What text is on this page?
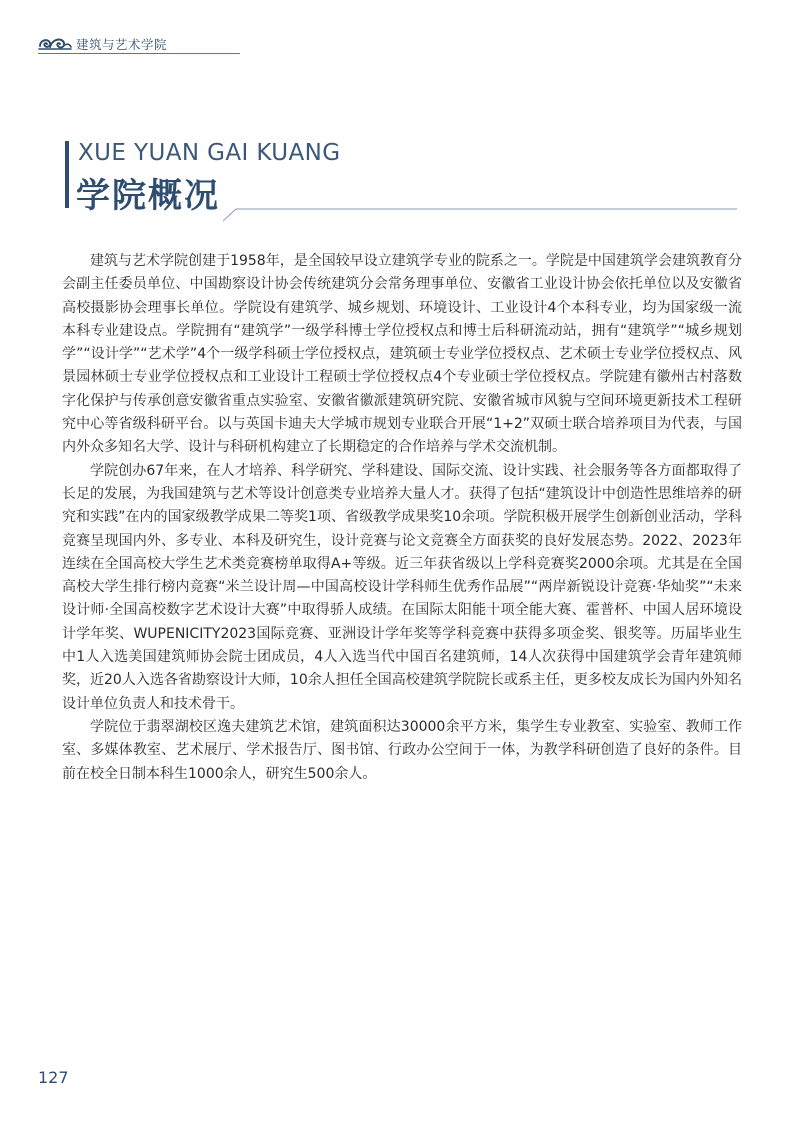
建筑与艺术学院
XUE YUAN GAI KUANG
学院概况

建筑与艺术学院创建于1958年，是全国较早设立建筑学专业的院系之一。学院是中国建筑学会建筑教育分会副主任委员单位、中国勘察设计协会传统建筑分会常务理事单位、安徽省工业设计协会依托单位以及安徽省高校摄影协会理事长单位。学院设有建筑学、城乡规划、环境设计、工业设计4个本科专业，均为国家级一流本科专业建设点。学院拥有“建筑学”一级学科博士学位授权点和博士后科研流动站，拥有“建筑学”“城乡规划学”“设计学”“艺术学”4个一级学科硕士学位授权点，建筑硕士专业学位授权点、艺术硕士专业学位授权点、风景园林硕士专业学位授权点和工业设计工程硕士学位授权点4个专业硕士学位授权点。学院建有徽州古村落数字化保护与传承创意安徽省重点实验室、安徽省徽派建筑研究院、安徽省城市风貌与空间环境更新技术工程研究中心等省级科研平台。以与英国卡迪夫大学城市规划专业联合开展“1+2”双硕士联合培养项目为代表，与国内外众多知名大学、设计与科研机构建立了长期稳定的合作培养与学术交流机制。

学院创办67年来，在人才培养、科学研究、学科建设、国际交流、设计实践、社会服务等各方面都取得了长足的发展，为我国建筑与艺术等设计创意类专业培养大量人才。获得了包括“建筑设计中创造性思维培养的研究和实践”在内的国家级教学成果二等奖1项、省级教学成果奖10余项。学院积极开展学生创新创业活动，学科竞赛呈现国内外、多专业、本科及研究生，设计竞赛与论文竞赛全方面获奖的良好发展态势。2022、2023年连续在全国高校大学生艺术类竞赛榜单取得A+等级。近三年获省级以上学科竞赛奖2000余项。尤其是在全国高校大学生排行榜内竞赛“米兰设计周—中国高校设计学科师生优秀作品展”“两岸新锐设计竞赛·华灿奖”“未来设计师·全国高校数字艺术设计大赛”中取得骄人成绩。在国际太阳能十项全能大赛、霍普杯、中国人居环境设计学年奖、WUPENICITY2023国际竞赛、亚洲设计学年奖等学科竞赛中获得多项金奖、银奖等。历届毕业生中1人入选美国建筑师协会院士团成员，4人入选当代中国百名建筑师，14人次获得中国建筑学会青年建筑师奖，近20人入选各省勘察设计大师，10余人担任全国高校建筑学院院长或系主任，更多校友成长为国内外知名设计单位负责人和技术骨干。

学院位于翡翠湖校区逸夫建筑艺术馆，建筑面积达30000余平方米，集学生专业教室、实验室、教师工作室、多媒体教室、艺术展厅、学术报告厅、图书馆、行政办公空间于一体，为教学科研创造了良好的条件。目前在校全日制本科生1000余人，研究生500余人。

127
